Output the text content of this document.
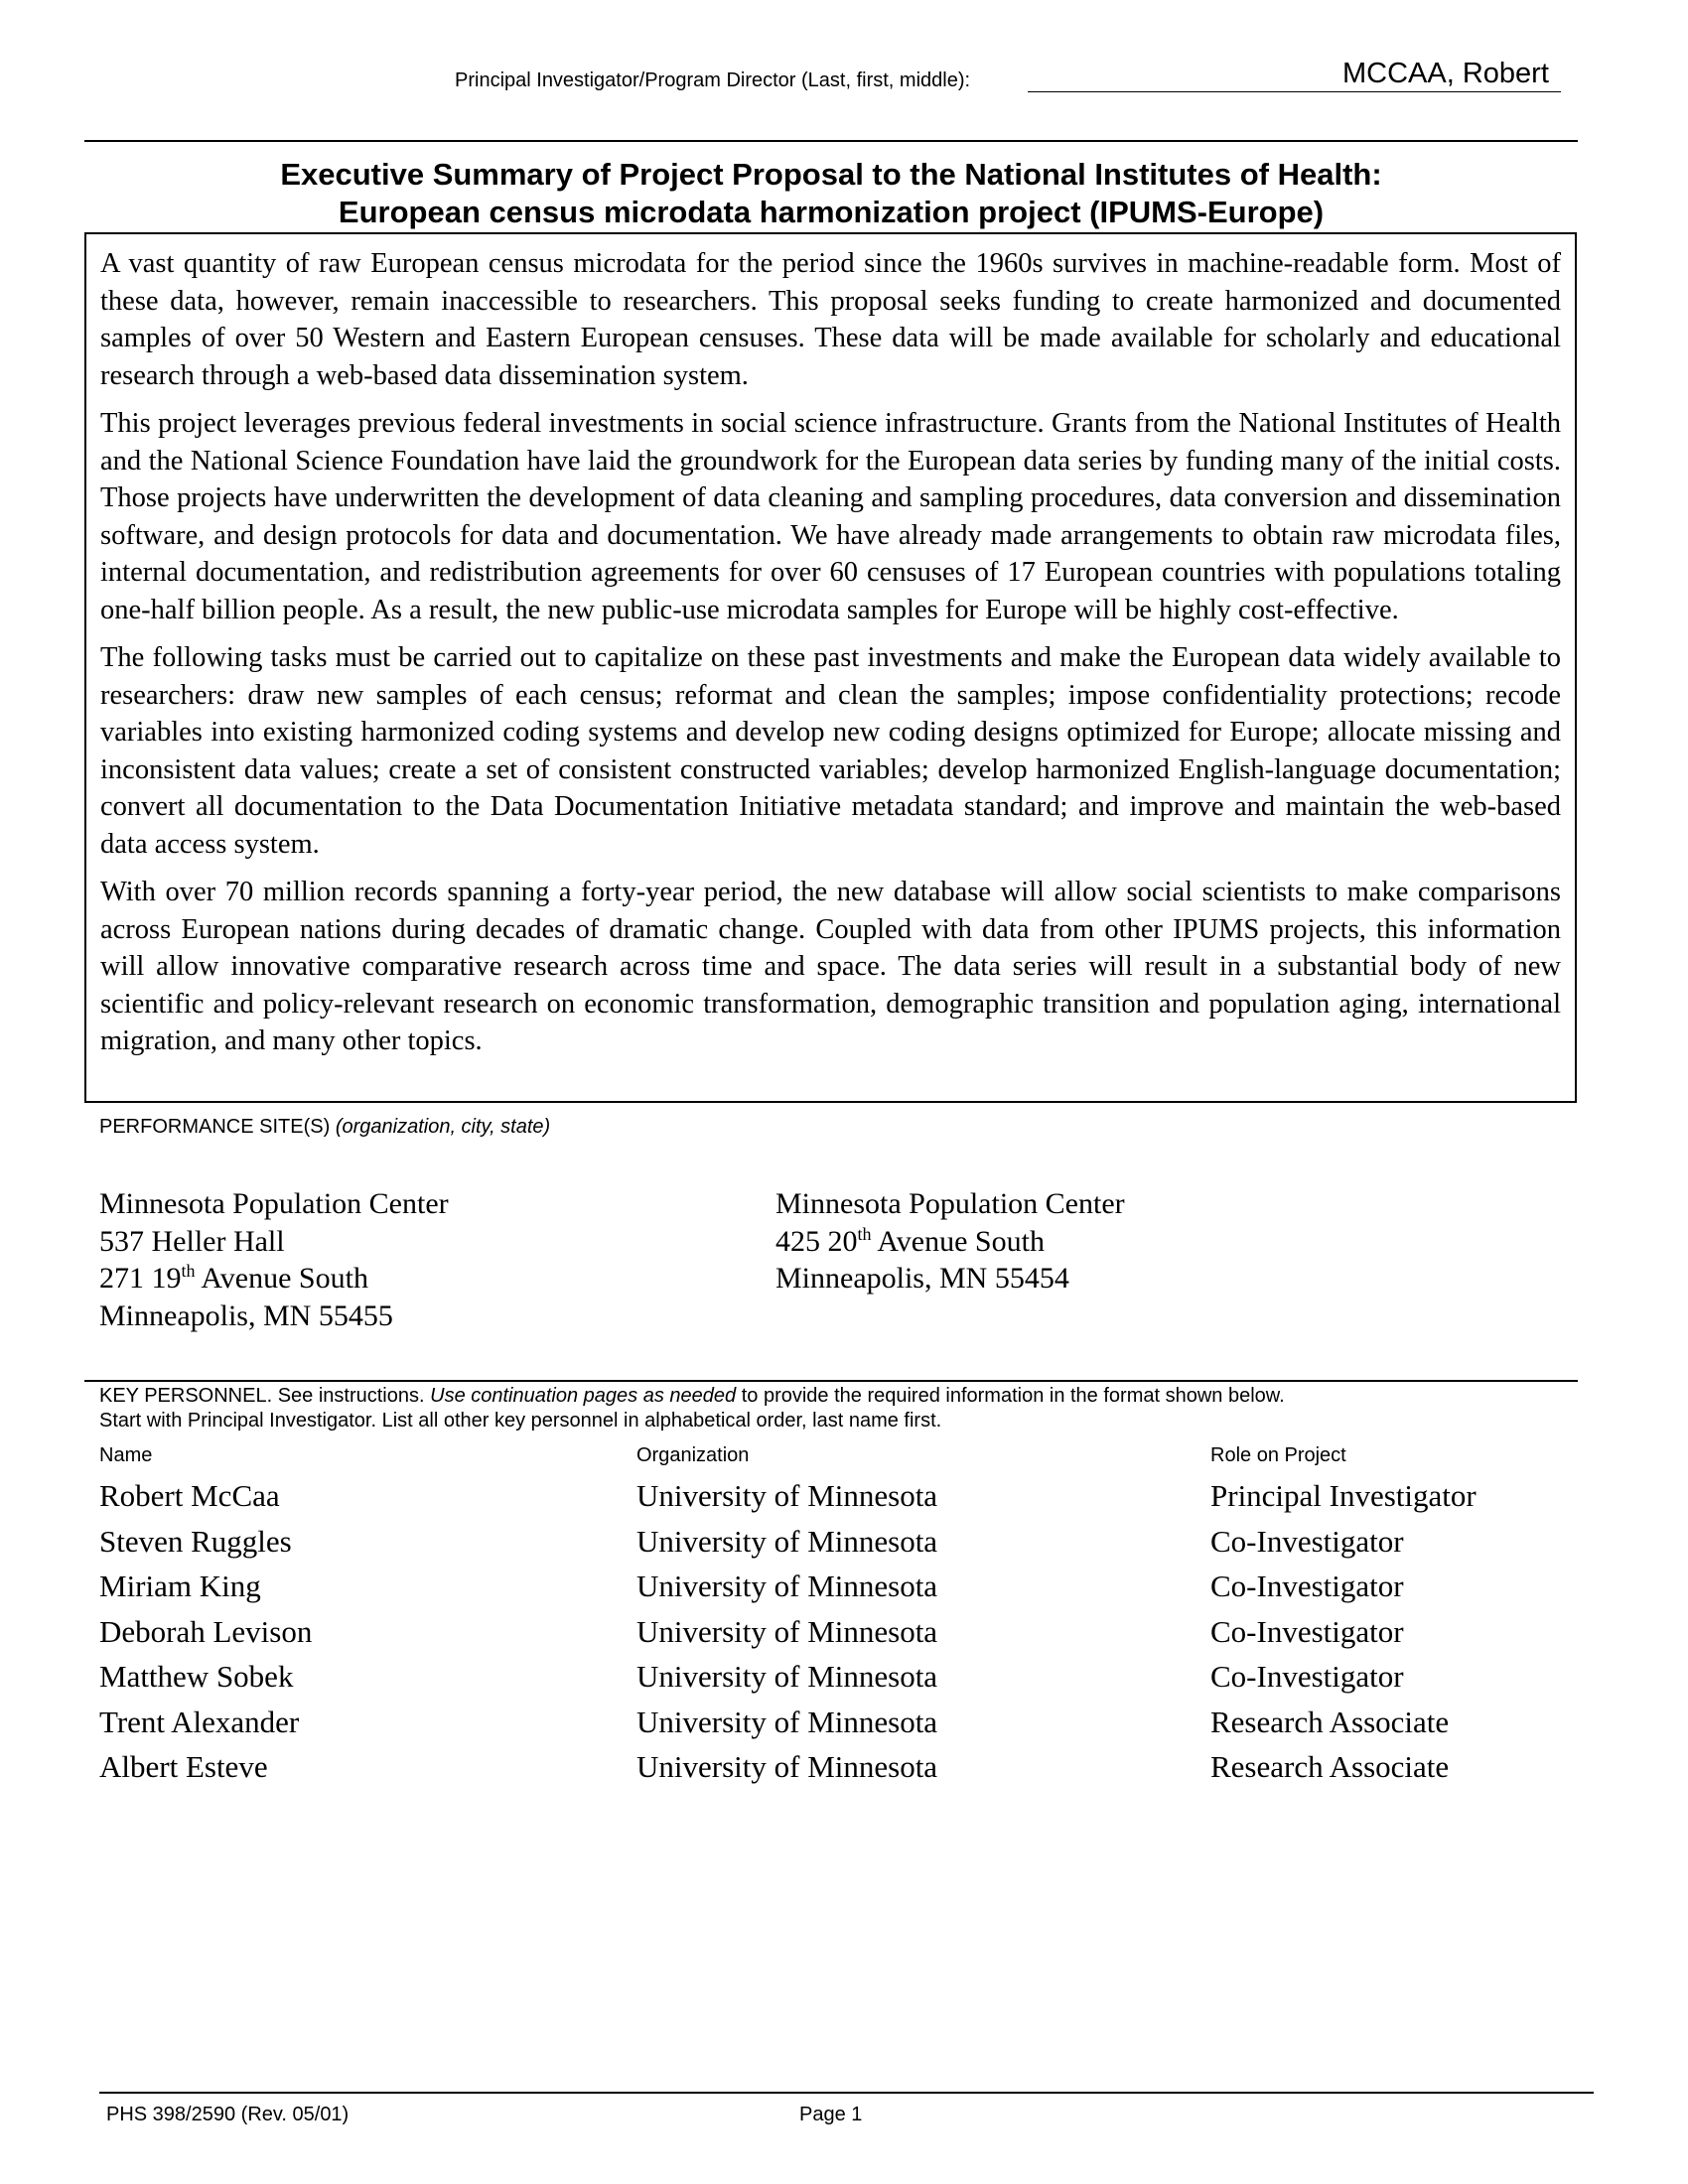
Principal Investigator/Program Director (Last, first, middle):	MCCAA, Robert
Executive Summary of Project Proposal to the National Institutes of Health:
European census microdata harmonization project (IPUMS-Europe)

A vast quantity of raw European census microdata for the period since the 1960s survives in machine-readable form. Most of these data, however, remain inaccessible to researchers. This proposal seeks funding to create harmonized and documented samples of over 50 Western and Eastern European censuses. These data will be made available for scholarly and educational research through a web-based data dissemination system.

This project leverages previous federal investments in social science infrastructure. Grants from the National Institutes of Health and the National Science Foundation have laid the groundwork for the European data series by funding many of the initial costs. Those projects have underwritten the development of data cleaning and sampling procedures, data conversion and dissemination software, and design protocols for data and documentation. We have already made arrangements to obtain raw microdata files, internal documentation, and redistribution agreements for over 60 censuses of 17 European countries with populations totaling one-half billion people. As a result, the new public-use microdata samples for Europe will be highly cost-effective.

The following tasks must be carried out to capitalize on these past investments and make the European data widely available to researchers: draw new samples of each census; reformat and clean the samples; impose confidentiality protections; recode variables into existing harmonized coding systems and develop new coding designs optimized for Europe; allocate missing and inconsistent data values; create a set of consistent constructed variables; develop harmonized English-language documentation; convert all documentation to the Data Documentation Initiative metadata standard; and improve and maintain the web-based data access system.

With over 70 million records spanning a forty-year period, the new database will allow social scientists to make comparisons across European nations during decades of dramatic change. Coupled with data from other IPUMS projects, this information will allow innovative comparative research across time and space. The data series will result in a substantial body of new scientific and policy-relevant research on economic transformation, demographic transition and population aging, international migration, and many other topics.

PERFORMANCE SITE(S) (organization, city, state)
Minnesota Population Center
537 Heller Hall
271 19th Avenue South
Minneapolis, MN 55455
Minnesota Population Center
425 20th Avenue South
Minneapolis, MN 55454
KEY PERSONNEL. See instructions. Use continuation pages as needed to provide the required information in the format shown below.
Start with Principal Investigator. List all other key personnel in alphabetical order, last name first.
Name	Organization	Role on Project
Robert McCaa	University of Minnesota	Principal Investigator
Steven Ruggles	University of Minnesota	Co-Investigator
Miriam King	University of Minnesota	Co-Investigator
Deborah Levison	University of Minnesota	Co-Investigator
Matthew Sobek	University of Minnesota	Co-Investigator
Trent Alexander	University of Minnesota	Research Associate
Albert Esteve	University of Minnesota	Research Associate
PHS 398/2590 (Rev. 05/01)	Page 1
